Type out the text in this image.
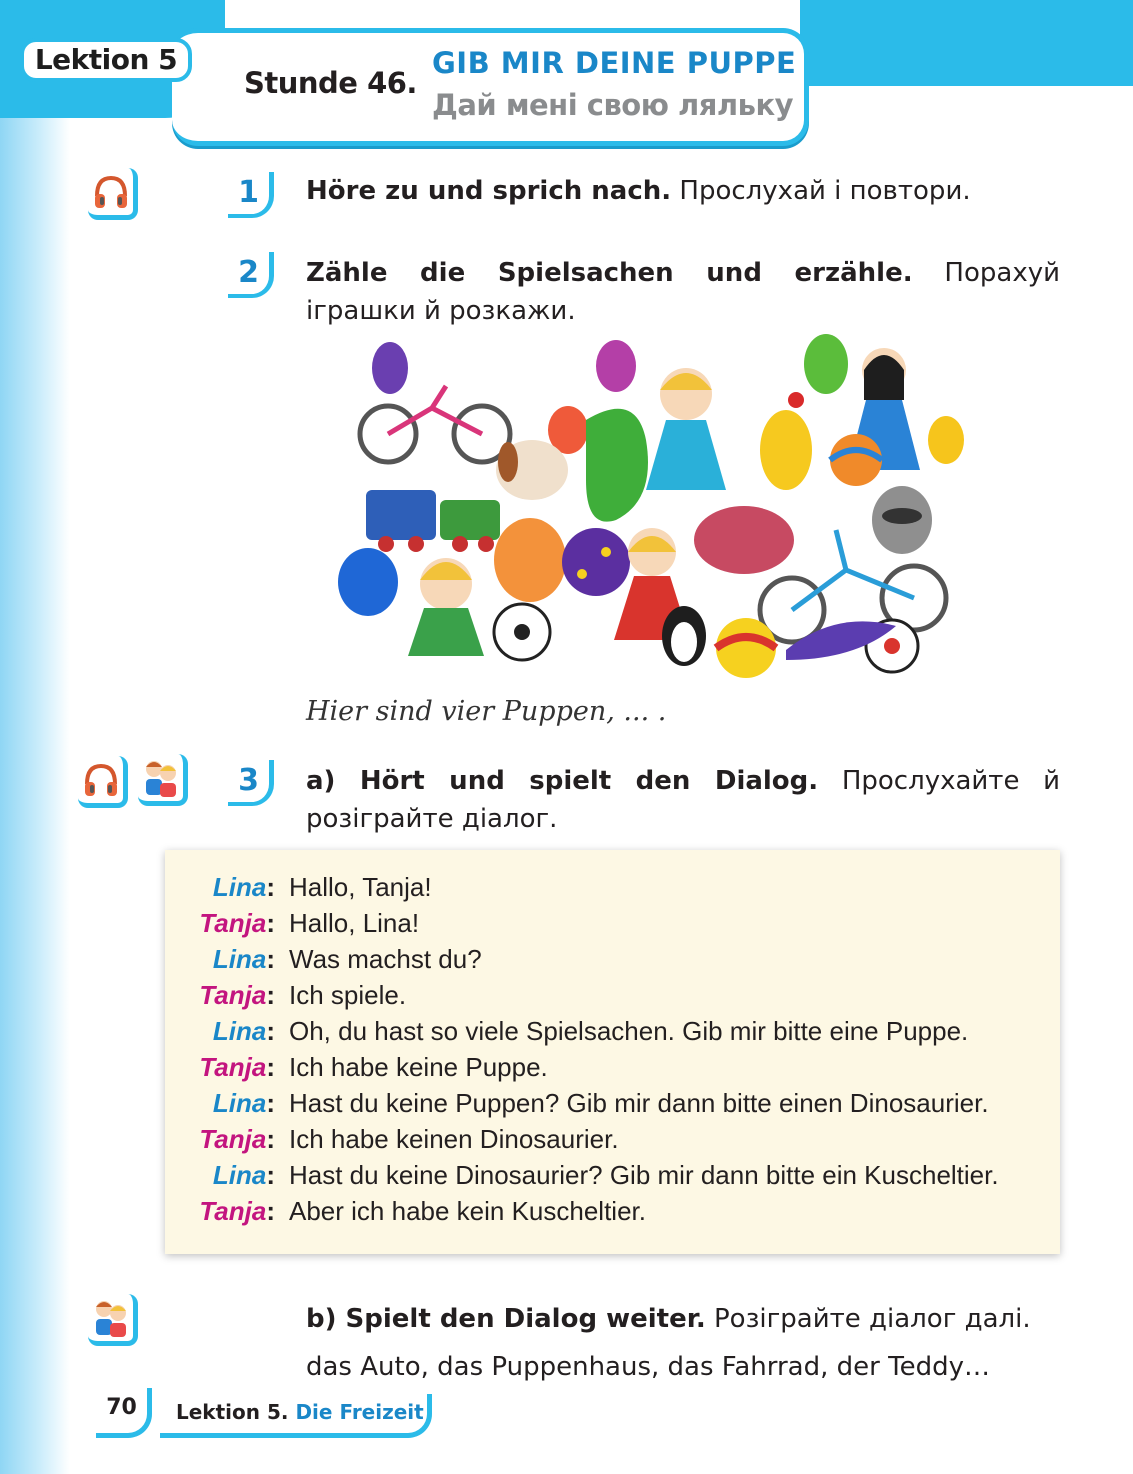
Lektion 5
Stunde 46.
GIB MIR DEINE PUPPE
Дай мені свою ляльку
1	Höre zu und sprich nach. Прослухай і повтори.
2	Zähle die Spielsachen und erzähle. Порахуй іграшки й розкажи.
Hier sind vier Puppen, ... .
3	a) Hört und spielt den Dialog. Прослухайте й розіграйте діалог.
Lina: Hallo, Tanja!
Tanja: Hallo, Lina!
Lina: Was machst du?
Tanja: Ich spiele.
Lina: Oh, du hast so viele Spielsachen. Gib mir bitte eine Puppe.
Tanja: Ich habe keine Puppe.
Lina: Hast du keine Puppen? Gib mir dann bitte einen Dinosaurier.
Tanja: Ich habe keinen Dinosaurier.
Lina: Hast du keine Dinosaurier? Gib mir dann bitte ein Kuscheltier.
Tanja: Aber ich habe kein Kuscheltier.
b) Spielt den Dialog weiter. Розіграйте діалог далі.
das Auto, das Puppenhaus, das Fahrrad, der Teddy…
70	Lektion 5. Die Freizeit
